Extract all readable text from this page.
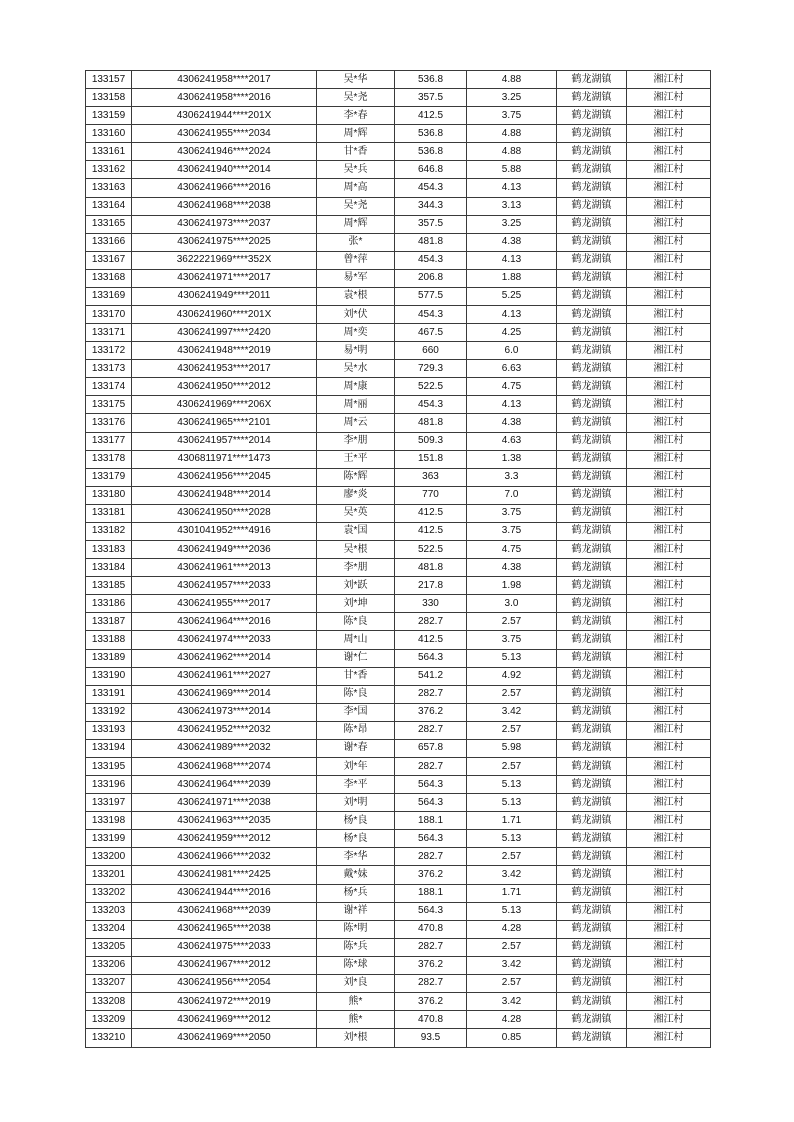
133157	4306241958****2017	吴*华	536.8	4.88	鹤龙湖镇	湘江村
133158	4306241958****2016	吴*尧	357.5	3.25	鹤龙湖镇	湘江村
133159	4306241944****201X	李*春	412.5	3.75	鹤龙湖镇	湘江村
133160	4306241955****2034	周*辉	536.8	4.88	鹤龙湖镇	湘江村
133161	4306241946****2024	甘*香	536.8	4.88	鹤龙湖镇	湘江村
133162	4306241940****2014	吴*兵	646.8	5.88	鹤龙湖镇	湘江村
133163	4306241966****2016	周*高	454.3	4.13	鹤龙湖镇	湘江村
133164	4306241968****2038	吴*尧	344.3	3.13	鹤龙湖镇	湘江村
133165	4306241973****2037	周*辉	357.5	3.25	鹤龙湖镇	湘江村
133166	4306241975****2025	张*	481.8	4.38	鹤龙湖镇	湘江村
133167	3622221969****352X	曾*萍	454.3	4.13	鹤龙湖镇	湘江村
133168	4306241971****2017	易*军	206.8	1.88	鹤龙湖镇	湘江村
133169	4306241949****2011	袁*根	577.5	5.25	鹤龙湖镇	湘江村
133170	4306241960****201X	刘*伏	454.3	4.13	鹤龙湖镇	湘江村
133171	4306241997****2420	周*奕	467.5	4.25	鹤龙湖镇	湘江村
133172	4306241948****2019	易*明	660	6.0	鹤龙湖镇	湘江村
133173	4306241953****2017	吴*水	729.3	6.63	鹤龙湖镇	湘江村
133174	4306241950****2012	周*康	522.5	4.75	鹤龙湖镇	湘江村
133175	4306241969****206X	周*丽	454.3	4.13	鹤龙湖镇	湘江村
133176	4306241965****2101	周*云	481.8	4.38	鹤龙湖镇	湘江村
133177	4306241957****2014	李*朋	509.3	4.63	鹤龙湖镇	湘江村
133178	4306811971****1473	王*平	151.8	1.38	鹤龙湖镇	湘江村
133179	4306241956****2045	陈*辉	363	3.3	鹤龙湖镇	湘江村
133180	4306241948****2014	廖*炎	770	7.0	鹤龙湖镇	湘江村
133181	4306241950****2028	吴*英	412.5	3.75	鹤龙湖镇	湘江村
133182	4301041952****4916	袁*国	412.5	3.75	鹤龙湖镇	湘江村
133183	4306241949****2036	吴*根	522.5	4.75	鹤龙湖镇	湘江村
133184	4306241961****2013	李*朋	481.8	4.38	鹤龙湖镇	湘江村
133185	4306241957****2033	刘*跃	217.8	1.98	鹤龙湖镇	湘江村
133186	4306241955****2017	刘*坤	330	3.0	鹤龙湖镇	湘江村
133187	4306241964****2016	陈*良	282.7	2.57	鹤龙湖镇	湘江村
133188	4306241974****2033	周*山	412.5	3.75	鹤龙湖镇	湘江村
133189	4306241962****2014	谢*仁	564.3	5.13	鹤龙湖镇	湘江村
133190	4306241961****2027	甘*香	541.2	4.92	鹤龙湖镇	湘江村
133191	4306241969****2014	陈*良	282.7	2.57	鹤龙湖镇	湘江村
133192	4306241973****2014	李*国	376.2	3.42	鹤龙湖镇	湘江村
133193	4306241952****2032	陈*昂	282.7	2.57	鹤龙湖镇	湘江村
133194	4306241989****2032	谢*春	657.8	5.98	鹤龙湖镇	湘江村
133195	4306241968****2074	刘*年	282.7	2.57	鹤龙湖镇	湘江村
133196	4306241964****2039	李*平	564.3	5.13	鹤龙湖镇	湘江村
133197	4306241971****2038	刘*明	564.3	5.13	鹤龙湖镇	湘江村
133198	4306241963****2035	杨*良	188.1	1.71	鹤龙湖镇	湘江村
133199	4306241959****2012	杨*良	564.3	5.13	鹤龙湖镇	湘江村
133200	4306241966****2032	李*华	282.7	2.57	鹤龙湖镇	湘江村
133201	4306241981****2425	戴*妹	376.2	3.42	鹤龙湖镇	湘江村
133202	4306241944****2016	杨*兵	188.1	1.71	鹤龙湖镇	湘江村
133203	4306241968****2039	谢*祥	564.3	5.13	鹤龙湖镇	湘江村
133204	4306241965****2038	陈*明	470.8	4.28	鹤龙湖镇	湘江村
133205	4306241975****2033	陈*兵	282.7	2.57	鹤龙湖镇	湘江村
133206	4306241967****2012	陈*球	376.2	3.42	鹤龙湖镇	湘江村
133207	4306241956****2054	刘*良	282.7	2.57	鹤龙湖镇	湘江村
133208	4306241972****2019	熊*	376.2	3.42	鹤龙湖镇	湘江村
133209	4306241969****2012	熊*	470.8	4.28	鹤龙湖镇	湘江村
133210	4306241969****2050	刘*根	93.5	0.85	鹤龙湖镇	湘江村
